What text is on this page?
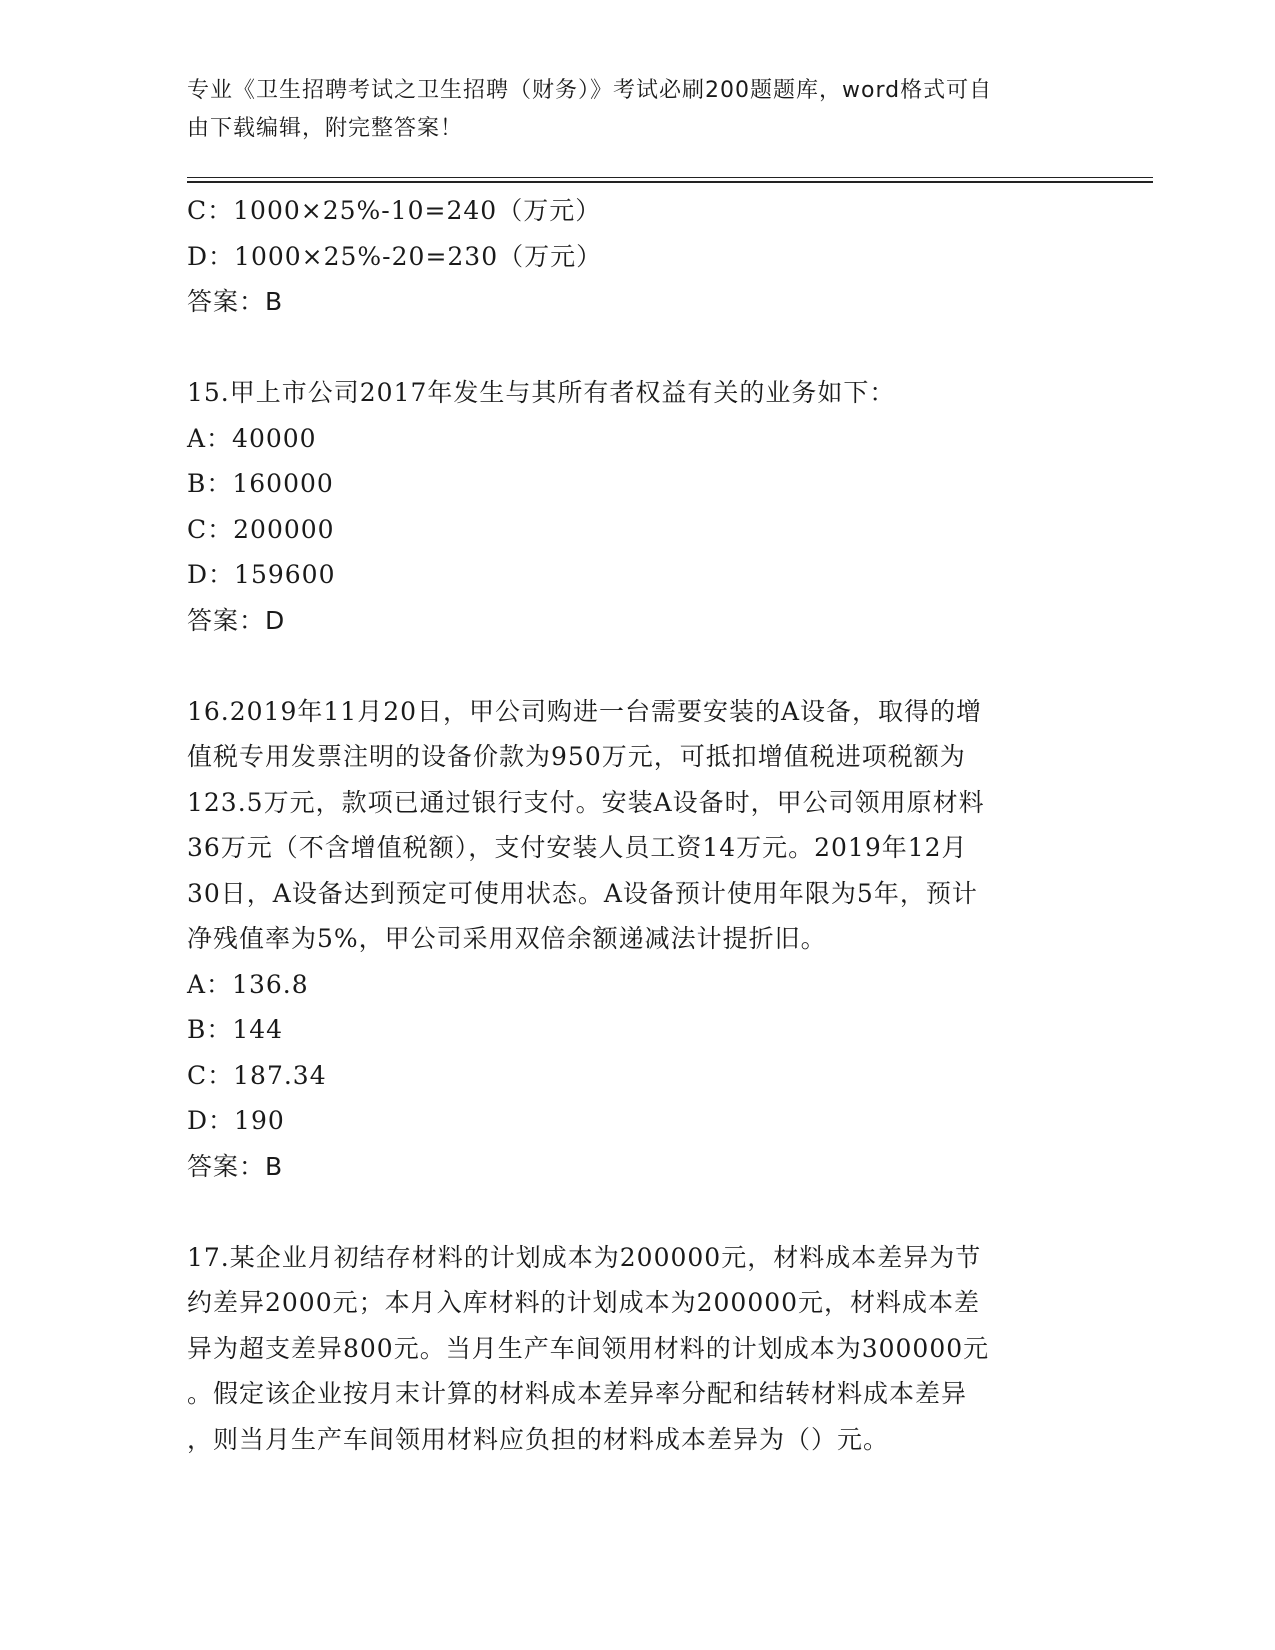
专业《卫生招聘考试之卫生招聘（财务）》考试必刷200题题库，word格式可自
由下载编辑，附完整答案！
C：1000×25%-10=240（万元）
D：1000×25%-20=230（万元）
答案：B
15.甲上市公司2017年发生与其所有者权益有关的业务如下：
A：40000
B：160000
C：200000
D：159600
答案：D
16.2019年11月20日，甲公司购进一台需要安装的A设备，取得的增
值税专用发票注明的设备价款为950万元，可抵扣增值税进项税额为
123.5万元，款项已通过银行支付。安装A设备时，甲公司领用原材料
36万元（不含增值税额），支付安装人员工资14万元。2019年12月
30日，A设备达到预定可使用状态。A设备预计使用年限为5年，预计
净残值率为5%，甲公司采用双倍余额递减法计提折旧。
A：136.8
B：144
C：187.34
D：190
答案：B
17.某企业月初结存材料的计划成本为200000元，材料成本差异为节
约差异2000元；本月入库材料的计划成本为200000元，材料成本差
异为超支差异800元。当月生产车间领用材料的计划成本为300000元
。假定该企业按月末计算的材料成本差异率分配和结转材料成本差异
，则当月生产车间领用材料应负担的材料成本差异为（）元。
